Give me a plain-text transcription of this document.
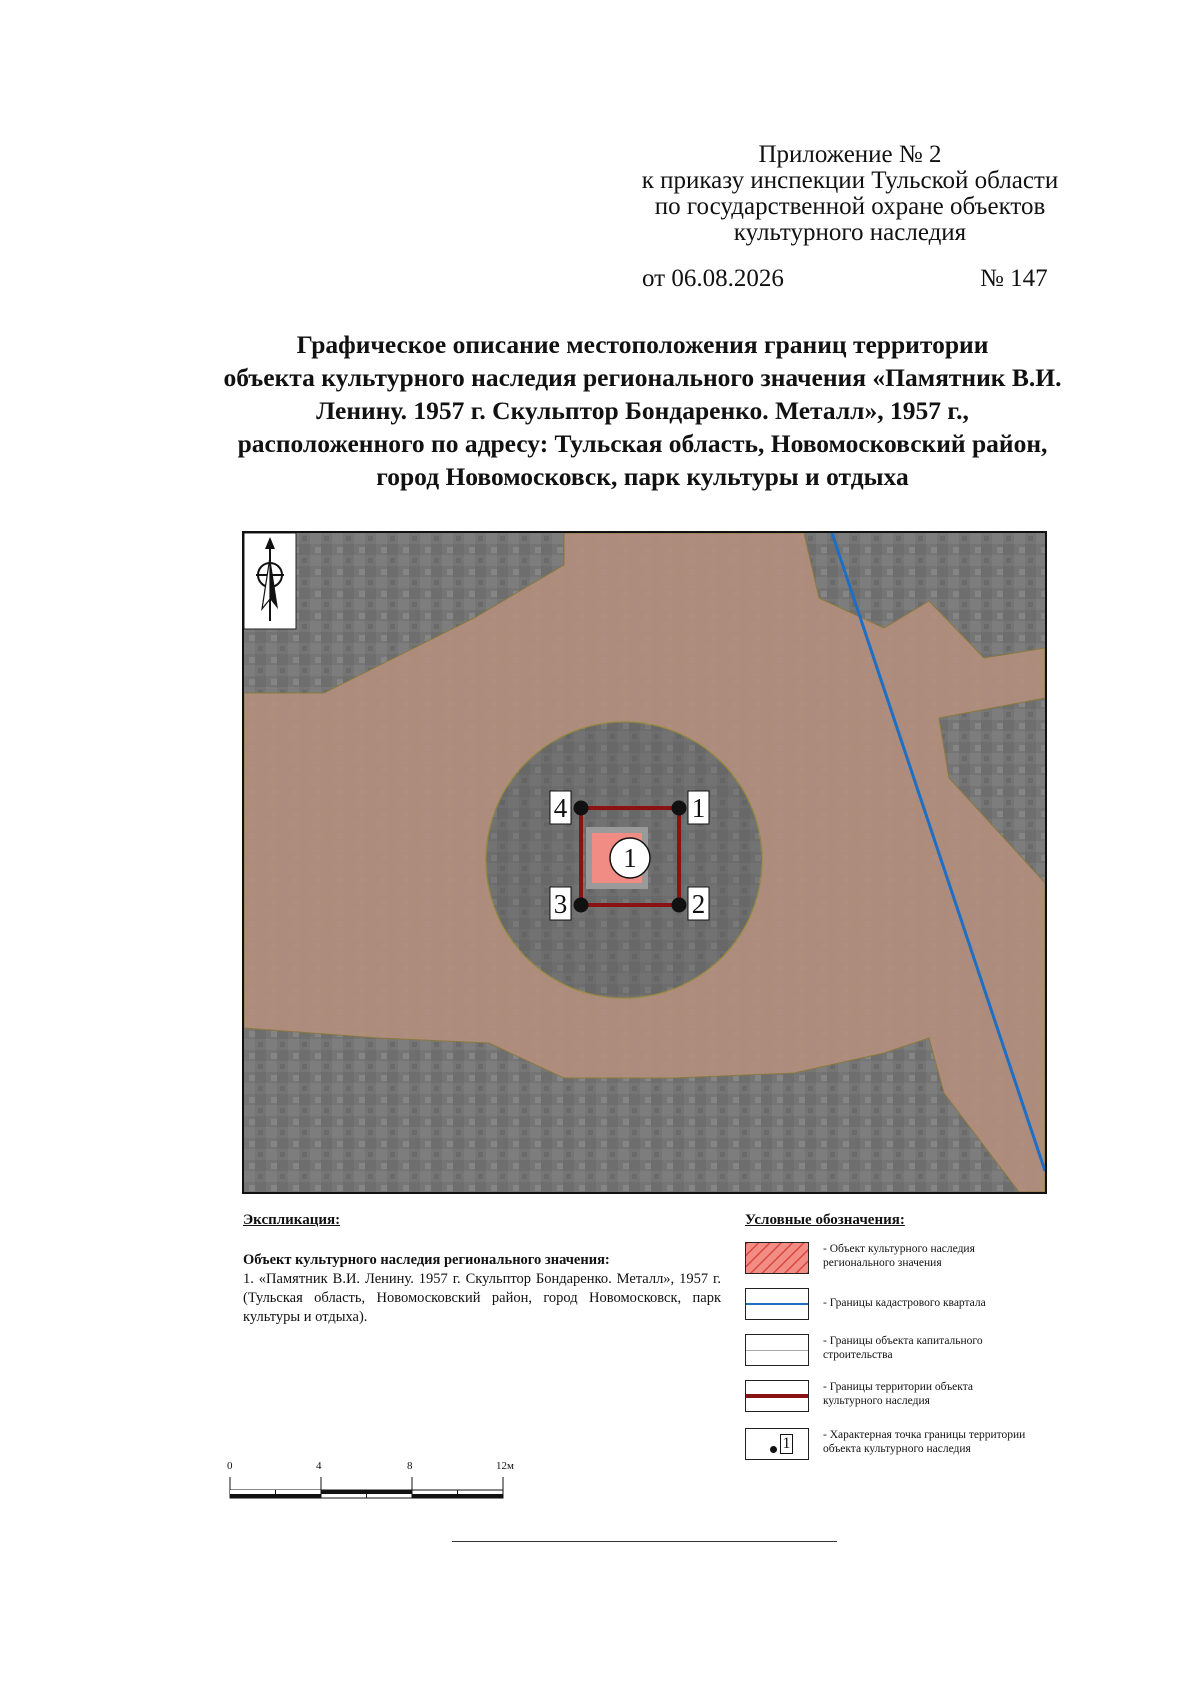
Приложение № 2
к приказу инспекции Тульской области
по государственной охране объектов
культурного наследия
от 06.08.2026	№ 147
Графическое описание местоположения границ территории
объекта культурного наследия регионального значения «Памятник В.И.
Ленину. 1957 г. Скульптор Бондаренко. Металл», 1957 г.,
расположенного по адресу: Тульская область, Новомосковский район,
город Новомосковск, парк культуры и отдыха
1
1
2
3
4
Экспликация:
Объект культурного наследия регионального значения:
1. «Памятник В.И. Ленину. 1957 г. Скульптор Бондаренко. Металл», 1957 г. (Тульская область, Новомосковский район, город Новомосковск, парк культуры и отдыха).
Условные обозначения:
- Объект культурного наследия регионального значения
- Границы кадастрового квартала
- Границы объекта капитального строительства
- Границы территории объекта культурного наследия
1	- Характерная точка границы территории объекта культурного наследия
0	4	8	12м
